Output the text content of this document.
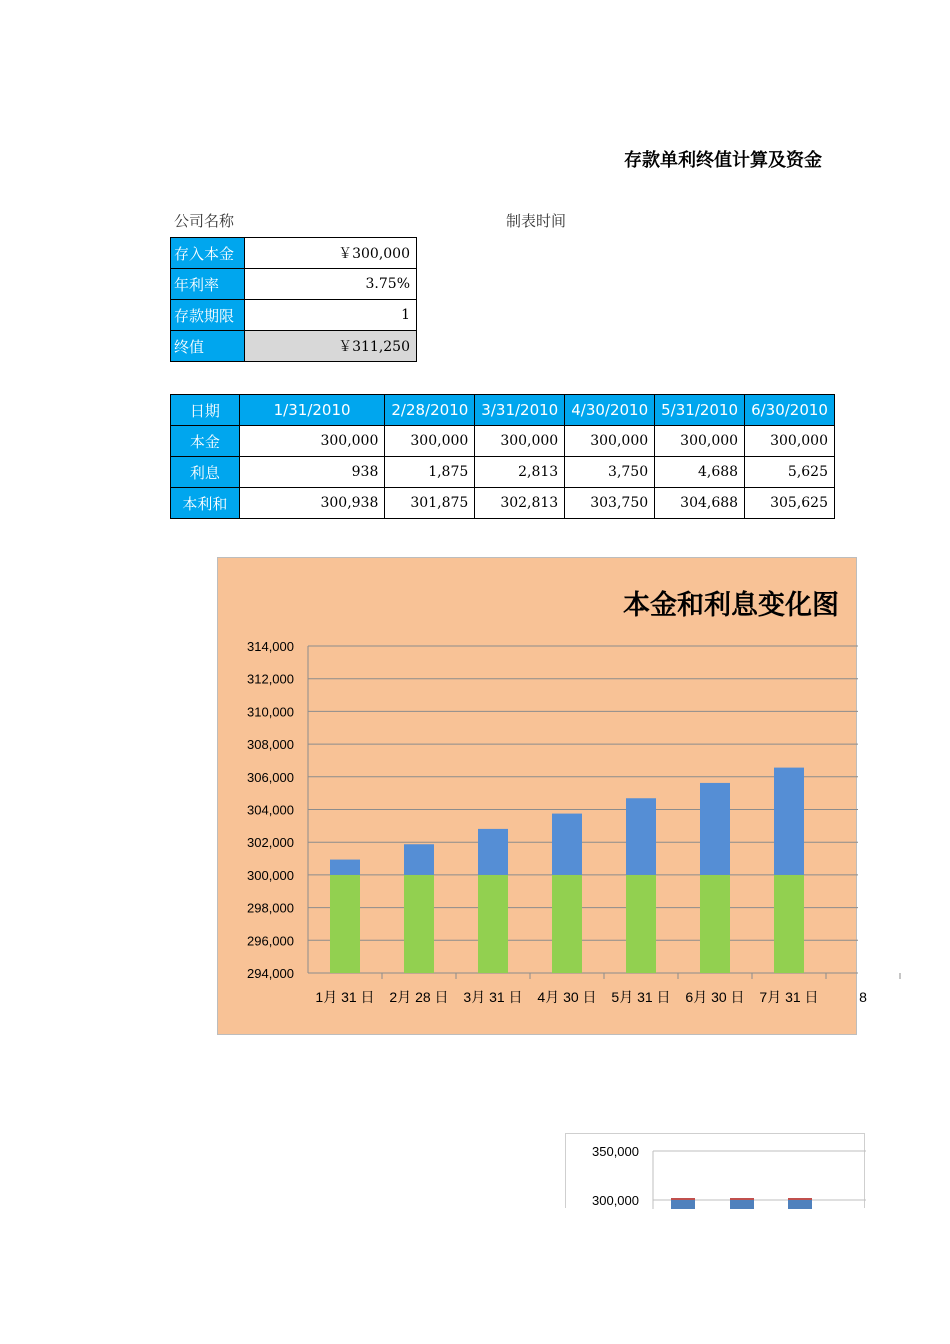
存款单利终值计算及资金
公司名称	制表时间
存入本金	￥300,000
年利率	3.75%
存款期限	1
终值	￥311,250
日期	1/31/2010	2/28/2010	3/31/2010	4/30/2010	5/31/2010	6/30/2010
本金	300,000	300,000	300,000	300,000	300,000	300,000
利息	938	1,875	2,813	3,750	4,688	5,625
本利和	300,938	301,875	302,813	303,750	304,688	305,625
本金和利息变化图
314,000
312,000
310,000
308,000
306,000
304,000
302,000
300,000
298,000
296,000
294,000
1月 31 日 2月 28 日 3月 31 日 4月 30 日 5月 31 日 6月 30 日 7月 31 日	8
350,000
300,000
